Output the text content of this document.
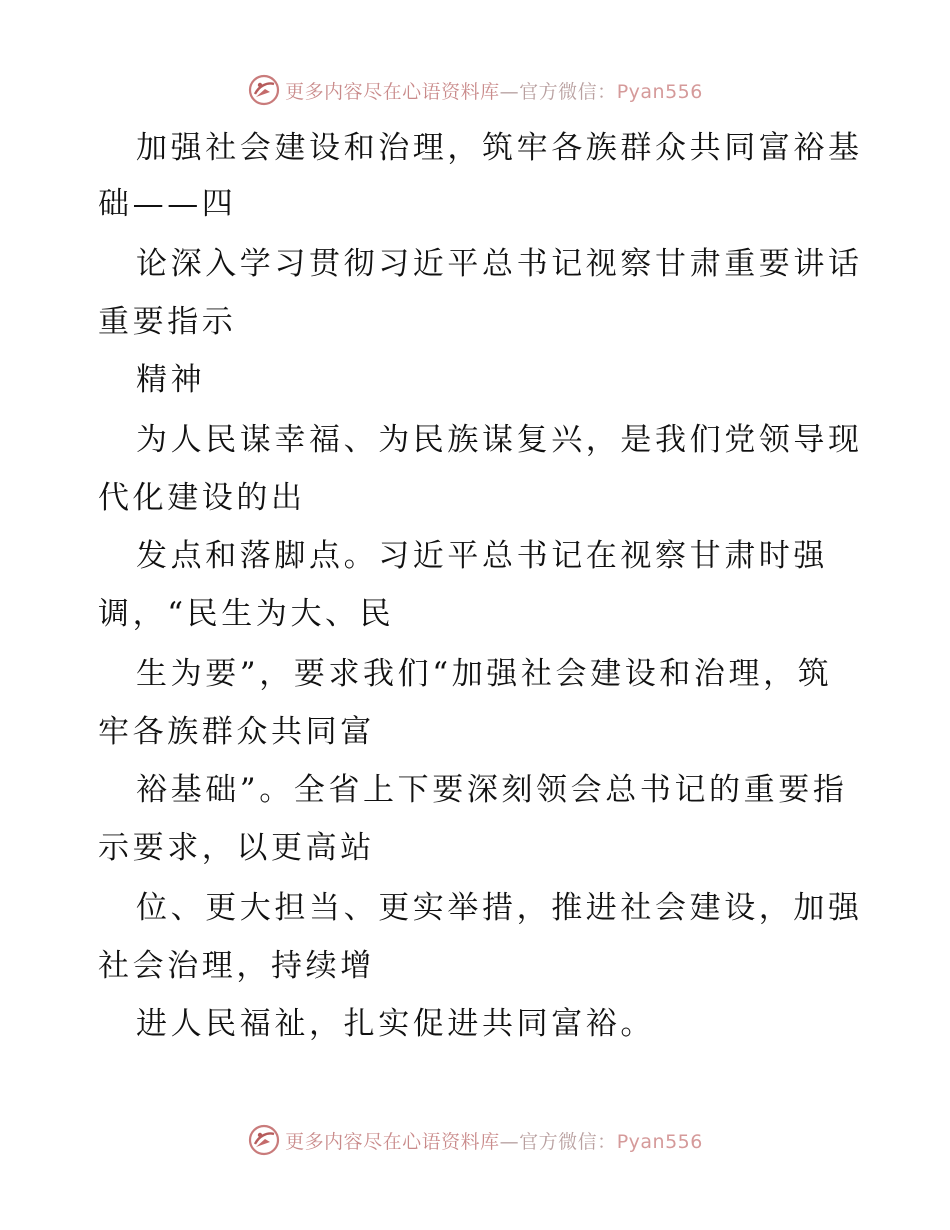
更多内容尽在心语资料库—官方微信：Pyan556
加强社会建设和治理，筑牢各族群众共同富裕基
础——四
论深入学习贯彻习近平总书记视察甘肃重要讲话
重要指示
精神
为人民谋幸福、为民族谋复兴，是我们党领导现
代化建设的出
发点和落脚点。习近平总书记在视察甘肃时强
调，“民生为大、民
生为要”，要求我们“加强社会建设和治理，筑
牢各族群众共同富
裕基础”。全省上下要深刻领会总书记的重要指
示要求，以更高站
位、更大担当、更实举措，推进社会建设，加强
社会治理，持续增
进人民福祉，扎实促进共同富裕。
更多内容尽在心语资料库—官方微信：Pyan556
